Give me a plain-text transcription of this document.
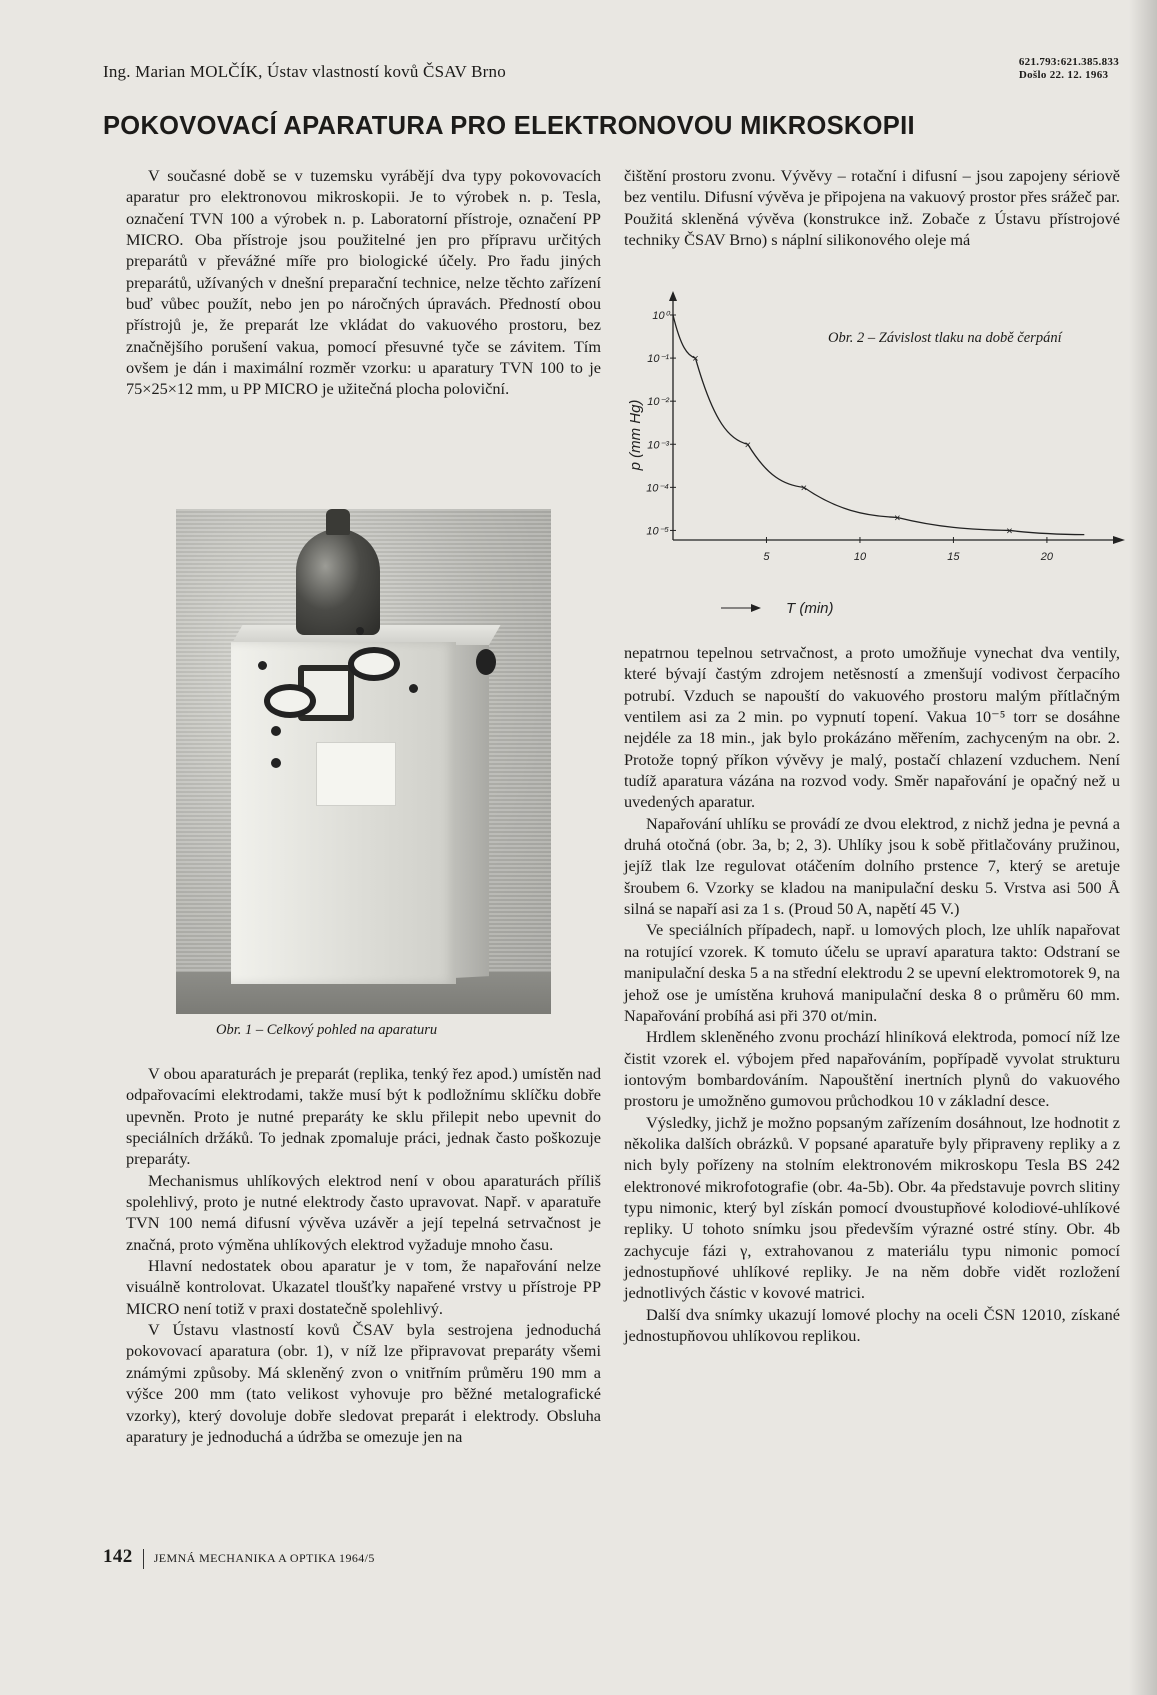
Ing. Marian MOLČÍK, Ústav vlastností kovů ČSAV Brno	621.793:621.385.833
Došlo 22. 12. 1963
POKOVOVACÍ APARATURA PRO ELEKTRONOVOU MIKROSKOPII

V současné době se v tuzemsku vyrábějí dva typy pokovovacích aparatur pro elektronovou mikroskopii. Je to výrobek n. p. Tesla, označení TVN 100 a výrobek n. p. Laboratorní přístroje, označení PP MICRO. Oba přístroje jsou použitelné jen pro přípravu určitých preparátů v převážné míře pro biologické účely. Pro řadu jiných preparátů, užívaných v dnešní preparační technice, nelze těchto zařízení buď vůbec použít, nebo jen po náročných úpravách. Předností obou přístrojů je, že preparát lze vkládat do vakuového prostoru, bez značnějšího porušení vakua, pomocí přesuvné tyče se závitem. Tím ovšem je dán i maximální rozměr vzorku: u aparatury TVN 100 to je 75×25×12 mm, u PP MICRO je užitečná plocha poloviční.

Obr. 1 – Celkový pohled na aparaturu

V obou aparaturách je preparát (replika, tenký řez apod.) umístěn nad odpařovacími elektrodami, takže musí být k podložnímu sklíčku dobře upevněn. Proto je nutné preparáty ke sklu přilepit nebo upevnit do speciálních držáků. To jednak zpomaluje práci, jednak často poškozuje preparáty.

Mechanismus uhlíkových elektrod není v obou aparaturách příliš spolehlivý, proto je nutné elektrody často upravovat. Např. v aparatuře TVN 100 nemá difusní vývěva uzávěr a její tepelná setrvačnost je značná, proto výměna uhlíkových elektrod vyžaduje mnoho času.

Hlavní nedostatek obou aparatur je v tom, že napařování nelze visuálně kontrolovat. Ukazatel tloušťky napařené vrstvy u přístroje PP MICRO není totiž v praxi dostatečně spolehlivý.

V Ústavu vlastností kovů ČSAV byla sestrojena jednoduchá pokovovací aparatura (obr. 1), v níž lze připravovat preparáty všemi známými způsoby. Má skleněný zvon o vnitřním průměru 190 mm a výšce 200 mm (tato velikost vyhovuje pro běžné metalografické vzorky), který dovoluje dobře sledovat preparát i elektrody. Obsluha aparatury je jednoduchá a údržba se omezuje jen na

čištění prostoru zvonu. Vývěvy – rotační i difusní – jsou zapojeny sériově bez ventilu. Difusní vývěva je připojena na vakuový prostor přes srážeč par. Použitá skleněná vývěva (konstrukce inž. Zobače z Ústavu přístrojové techniky ČSAV Brno) s náplní silikonového oleje má

10⁰
10⁻¹
10⁻²
10⁻³
10⁻⁴
10⁻⁵
5	10	15	20
p (mm Hg)
T (min)
×
×
×
×
×
Obr. 2 – Závislost tlaku na době čerpání

nepatrnou tepelnou setrvačnost, a proto umožňuje vynechat dva ventily, které bývají častým zdrojem netěsností a zmenšují vodivost čerpacího potrubí. Vzduch se napouští do vakuového prostoru malým přítlačným ventilem asi za 2 min. po vypnutí topení. Vakua 10⁻⁵ torr se dosáhne nejdéle za 18 min., jak bylo prokázáno měřením, zachyceným na obr. 2. Protože topný příkon vývěvy je malý, postačí chlazení vzduchem. Není tudíž aparatura vázána na rozvod vody. Směr napařování je opačný než u uvedených aparatur.

Napařování uhlíku se provádí ze dvou elektrod, z nichž jedna je pevná a druhá otočná (obr. 3a, b; 2, 3). Uhlíky jsou k sobě přitlačovány pružinou, jejíž tlak lze regulovat otáčením dolního prstence 7, který se aretuje šroubem 6. Vzorky se kladou na manipulační desku 5. Vrstva asi 500 Å silná se napaří asi za 1 s. (Proud 50 A, napětí 45 V.)

Ve speciálních případech, např. u lomových ploch, lze uhlík napařovat na rotující vzorek. K tomuto účelu se upraví aparatura takto: Odstraní se manipulační deska 5 a na střední elektrodu 2 se upevní elektromotorek 9, na jehož ose je umístěna kruhová manipulační deska 8 o průměru 60 mm. Napařování probíhá asi při 370 ot/min.

Hrdlem skleněného zvonu prochází hliníková elektroda, pomocí níž lze čistit vzorek el. výbojem před napařováním, popřípadě vyvolat strukturu iontovým bombardováním. Napouštění inertních plynů do vakuového prostoru je umožněno gumovou průchodkou 10 v základní desce.

Výsledky, jichž je možno popsaným zařízením dosáhnout, lze hodnotit z několika dalších obrázků. V popsané aparatuře byly připraveny repliky a z nich byly pořízeny na stolním elektronovém mikroskopu Tesla BS 242 elektronové mikrofotografie (obr. 4a-5b). Obr. 4a představuje povrch slitiny typu nimonic, který byl získán pomocí dvoustupňové kolodiové-uhlíkové repliky. U tohoto snímku jsou především výrazné ostré stíny. Obr. 4b zachycuje fázi γ, extrahovanou z materiálu typu nimonic pomocí jednostupňové uhlíkové repliky. Je na něm dobře vidět rozložení jednotlivých částic v kovové matrici.

Další dva snímky ukazují lomové plochy na oceli ČSN 12010, získané jednostupňovou uhlíkovou replikou.

142 JEMNÁ MECHANIKA A OPTIKA 1964/5
